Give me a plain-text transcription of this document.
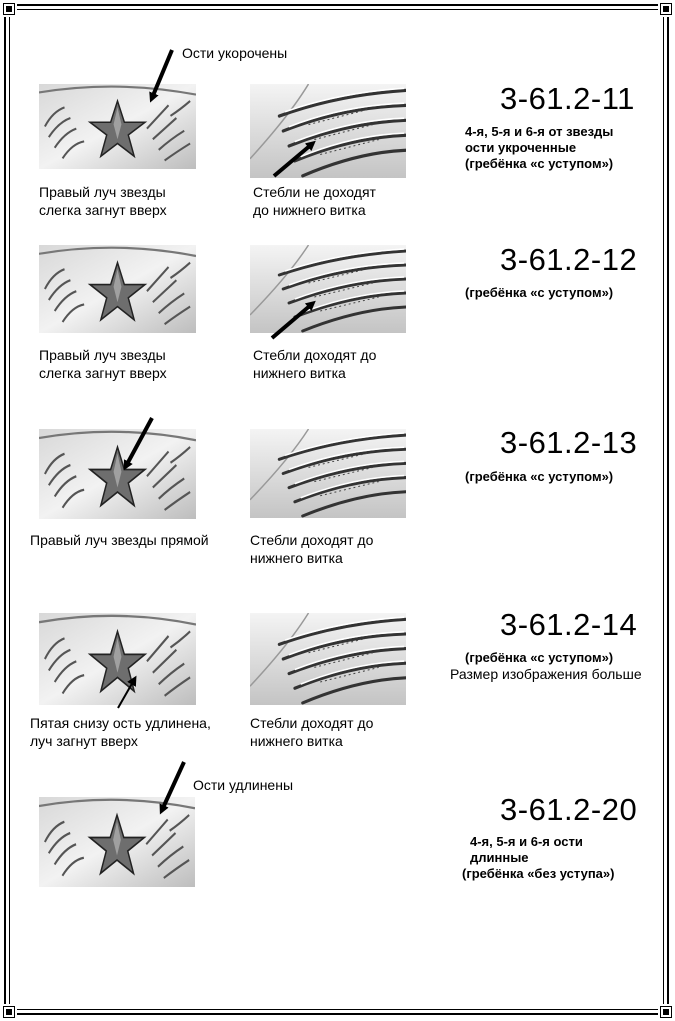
Ости укорочены
Правый луч звезды
слегка загнут вверх
Стебли не доходят
до нижнего витка
3-61.2-11
4-я, 5-я и 6-я от звезды
ости укроченные
(гребёнка «с уступом»)
Правый луч звезды
слегка загнут вверх
Стебли доходят до
нижнего витка
3-61.2-12
(гребёнка «с уступом»)
Правый луч звезды прямой	Стебли доходят до
нижнего витка
3-61.2-13
(гребёнка «с уступом»)
Пятая снизу ость удлинена,
луч загнут вверх
Стебли доходят до
нижнего витка
3-61.2-14
(гребёнка «с уступом»)
Размер изображения больше
Ости удлинены
3-61.2-20
4-я, 5-я и 6-я ости
длинные
(гребёнка «без уступа»)
